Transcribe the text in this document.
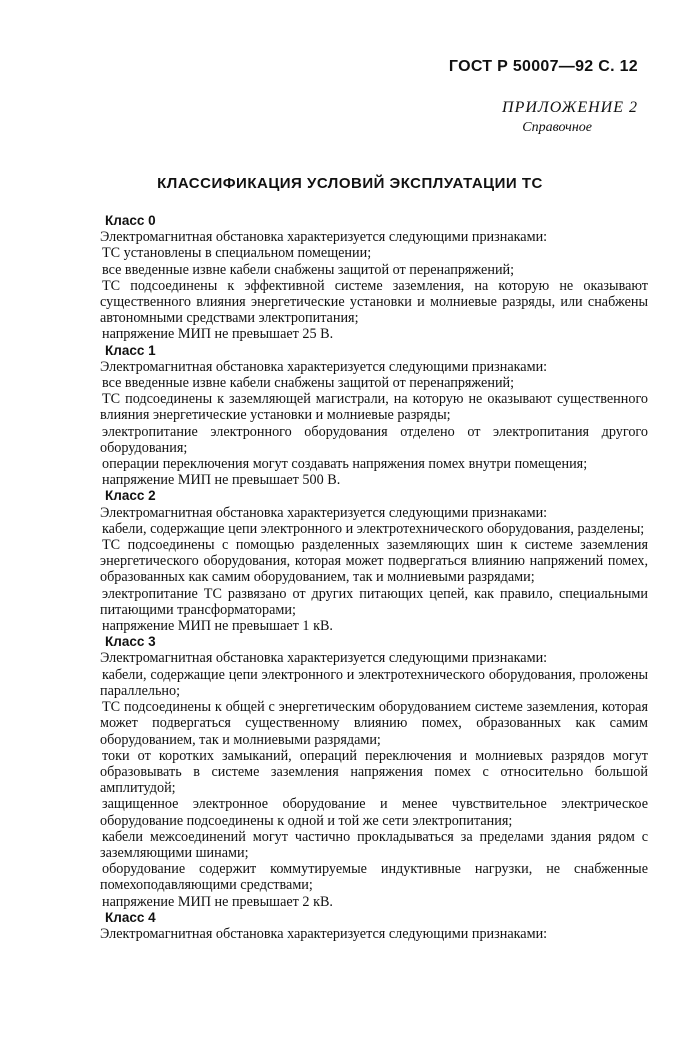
ГОСТ Р 50007—92 С. 12
ПРИЛОЖЕНИЕ 2
Справочное
КЛАССИФИКАЦИЯ УСЛОВИЙ ЭКСПЛУАТАЦИИ ТС
Класс 0

Электромагнитная обстановка характеризуется следующими признаками:

ТС установлены в специальном помещении;

все введенные извне кабели снабжены защитой от перенапряжений;

ТС подсоединены к эффективной системе заземления, на которую не оказывают существенного влияния энергетические установки и молниевые разряды, или снабжены автономными средствами электропитания;

напряжение МИП не превышает 25 В.

Класс 1

Электромагнитная обстановка характеризуется следующими признаками:

все введенные извне кабели снабжены защитой от перенапряжений;

ТС подсоединены к заземляющей магистрали, на которую не оказывают существенного влияния энергетические установки и молниевые разряды;

электропитание электронного оборудования отделено от электропитания другого оборудования;

операции переключения могут создавать напряжения помех внутри помещения;

напряжение МИП не превышает 500 В.

Класс 2

Электромагнитная обстановка характеризуется следующими признаками:

кабели, содержащие цепи электронного и электротехнического оборудования, разделены;

ТС подсоединены с помощью разделенных заземляющих шин к системе заземления энергетического оборудования, которая может подвергаться влиянию напряжений помех, образованных как самим оборудованием, так и молниевыми разрядами;

электропитание ТС развязано от других питающих цепей, как правило, специальными питающими трансформаторами;

напряжение МИП не превышает 1 кВ.

Класс 3

Электромагнитная обстановка характеризуется следующими признаками:

кабели, содержащие цепи электронного и электротехнического оборудования, проложены параллельно;

ТС подсоединены к общей с энергетическим оборудованием системе заземления, которая может подвергаться существенному влиянию помех, образованных как самим оборудованием, так и молниевыми разрядами;

токи от коротких замыканий, операций переключения и молниевых разрядов могут образовывать в системе заземления напряжения помех с относительно большой амплитудой;

защищенное электронное оборудование и менее чувствительное электрическое оборудование подсоединены к одной и той же сети электропитания;

кабели межсоединений могут частично прокладываться за пределами здания рядом с заземляющими шинами;

оборудование содержит коммутируемые индуктивные нагрузки, не снабженные помехоподавляющими средствами;

напряжение МИП не превышает 2 кВ.

Класс 4

Электромагнитная обстановка характеризуется следующими признаками:
